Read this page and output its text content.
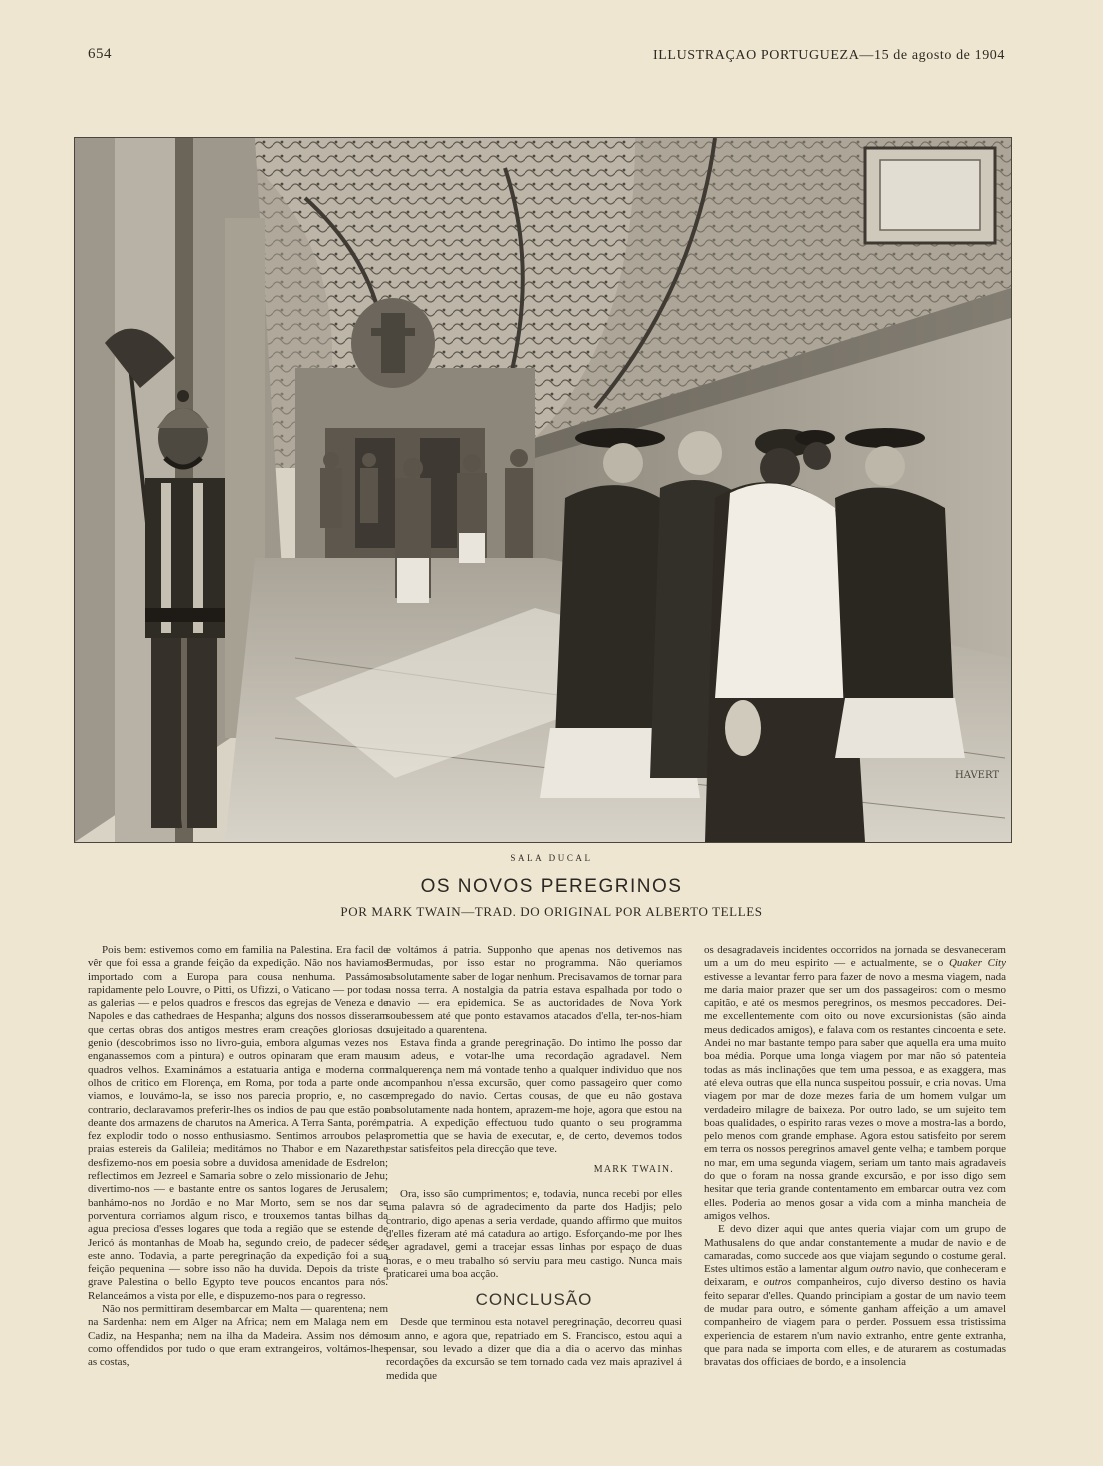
654	ILLUSTRAÇAO PORTUGUEZA—15 de agosto de 1904
HAVERT
SALA DUCAL
OS NOVOS PEREGRINOS
POR MARK TWAIN—TRAD. DO ORIGINAL POR ALBERTO TELLES

Pois bem: estivemos como em familia na Palestina. Era facil de vêr que foi essa a grande feição da expedição. Não nos haviamos importado com a Europa para cousa nenhuma. Passámos rapidamente pelo Louvre, o Pitti, os Ufizzi, o Vaticano — por todas as galerias — e pelos quadros e frescos das egrejas de Veneza e de Napoles e das cathedraes de Hespanha; alguns dos nossos disseram que certas obras dos antigos mestres eram creações gloriosas do genio (descobrimos isso no livro-guia, embora algumas vezes nos enganassemos com a pintura) e outros opinaram que eram maus quadros velhos. Examinámos a estatuaria antiga e moderna com olhos de critico em Florença, em Roma, por toda a parte onde a viamos, e louvámo-la, se isso nos parecia proprio, e, no caso contrario, declaravamos preferir-lhes os indios de pau que estão por deante dos armazens de charutos na America. A Terra Santa, porém, fez explodir todo o nosso enthusiasmo. Sentimos arroubos pelas praias estereis da Galileia; meditámos no Thabor e em Nazareth; desfizemo-nos em poesia sobre a duvidosa amenidade de Esdrelon; reflectimos em Jezreel e Samaria sobre o zelo missionario de Jehu; divertimo-nos — e bastante entre os santos logares de Jerusalem; banhámo-nos no Jordão e no Mar Morto, sem se nos dar se porventura corriamos algum risco, e trouxemos tantas bilhas da agua preciosa d'esses logares que toda a região que se estende de Jericó ás montanhas de Moab ha, segundo creio, de padecer séde este anno. Todavia, a parte peregrinação da expedição foi a sua feição pequenina — sobre isso não ha duvida. Depois da triste e grave Palestina o bello Egypto teve poucos encantos para nós. Relanceámos a vista por elle, e dispuzemo-nos para o regresso.

Não nos permittiram desembarcar em Malta — quarentena; nem na Sardenha: nem em Alger na Africa; nem em Malaga nem em Cadiz, na Hespanha; nem na ilha da Madeira. Assim nos démos como offendidos por tudo o que eram extrangeiros, voltámos-lhes as costas,

e voltámos á patria. Supponho que apenas nos detivemos nas Bermudas, por isso estar no programma. Não queriamos absolutamente saber de logar nenhum. Precisavamos de tornar para a nossa terra. A nostalgia da patria estava espalhada por todo o navio — era epidemica. Se as auctoridades de Nova York soubessem até que ponto estavamos atacados d'ella, ter-nos-hiam sujeitado a quarentena.

Estava finda a grande peregrinação. Do intimo lhe posso dar um adeus, e votar-lhe uma recordação agradavel. Nem malquerença nem má vontade tenho a qualquer individuo que nos acompanhou n'essa excursão, quer como passageiro quer como empregado do navio. Certas cousas, de que eu não gostava absolutamente nada hontem, aprazem-me hoje, agora que estou na patria. A expedição effectuou tudo quanto o seu programma promettia que se havia de executar, e, de certo, devemos todos estar satisfeitos pela direcção que teve.

MARK TWAIN.

Ora, isso são cumprimentos; e, todavia, nunca recebi por elles uma palavra só de agradecimento da parte dos Hadjis; pelo contrario, digo apenas a seria verdade, quando affirmo que muitos d'elles fizeram até má catadura ao artigo. Esforçando-me por lhes ser agradavel, gemi a tracejar essas linhas por espaço de duas horas, e o meu trabalho só serviu para meu castigo. Nunca mais praticarei uma boa acção.

CONCLUSÃO

Desde que terminou esta notavel peregrinação, decorreu quasi um anno, e agora que, repatriado em S. Francisco, estou aqui a pensar, sou levado a dizer que dia a dia o acervo das minhas recordações da excursão se tem tornado cada vez mais aprazivel á medida que

os desagradaveis incidentes occorridos na jornada se desvaneceram um a um do meu espirito — e actualmente, se o Quaker City estivesse a levantar ferro para fazer de novo a mesma viagem, nada me daria maior prazer que ser um dos passageiros: com o mesmo capitão, e até os mesmos peregrinos, os mesmos peccadores. Dei-me excellentemente com oito ou nove excursionistas (são ainda meus dedicados amigos), e falava com os restantes cincoenta e sete. Andei no mar bastante tempo para saber que aquella era uma muito boa média. Porque uma longa viagem por mar não só patenteia todas as más inclinações que tem uma pessoa, e as exaggera, mas até eleva outras que ella nunca suspeitou possuir, e cria novas. Uma viagem por mar de doze mezes faria de um homem vulgar um verdadeiro milagre de baixeza. Por outro lado, se um sujeito tem boas qualidades, o espirito raras vezes o move a mostra-las a bordo, pelo menos com grande emphase. Agora estou satisfeito por serem em terra os nossos peregrinos amavel gente velha; e tambem porque no mar, em uma segunda viagem, seriam um tanto mais agradaveis do que o foram na nossa grande excursão, e por isso digo sem hesitar que teria grande contentamento em embarcar outra vez com elles. Poderia ao menos gosar a vida com a minha mancheia de amigos velhos.

E devo dizer aqui que antes queria viajar com um grupo de Mathusalens do que andar constantemente a mudar de navio e de camaradas, como succede aos que viajam segundo o costume geral. Estes ultimos estão a lamentar algum outro navio, que conheceram e deixaram, e outros companheiros, cujo diverso destino os havia feito separar d'elles. Quando principiam a gostar de um navio teem de mudar para outro, e sómente ganham affeição a um amavel companheiro de viagem para o perder. Possuem essa tristissima experiencia de estarem n'um navio extranho, entre gente extranha, que para nada se importa com elles, e de aturarem as costumadas bravatas dos officiaes de bordo, e a insolencia
